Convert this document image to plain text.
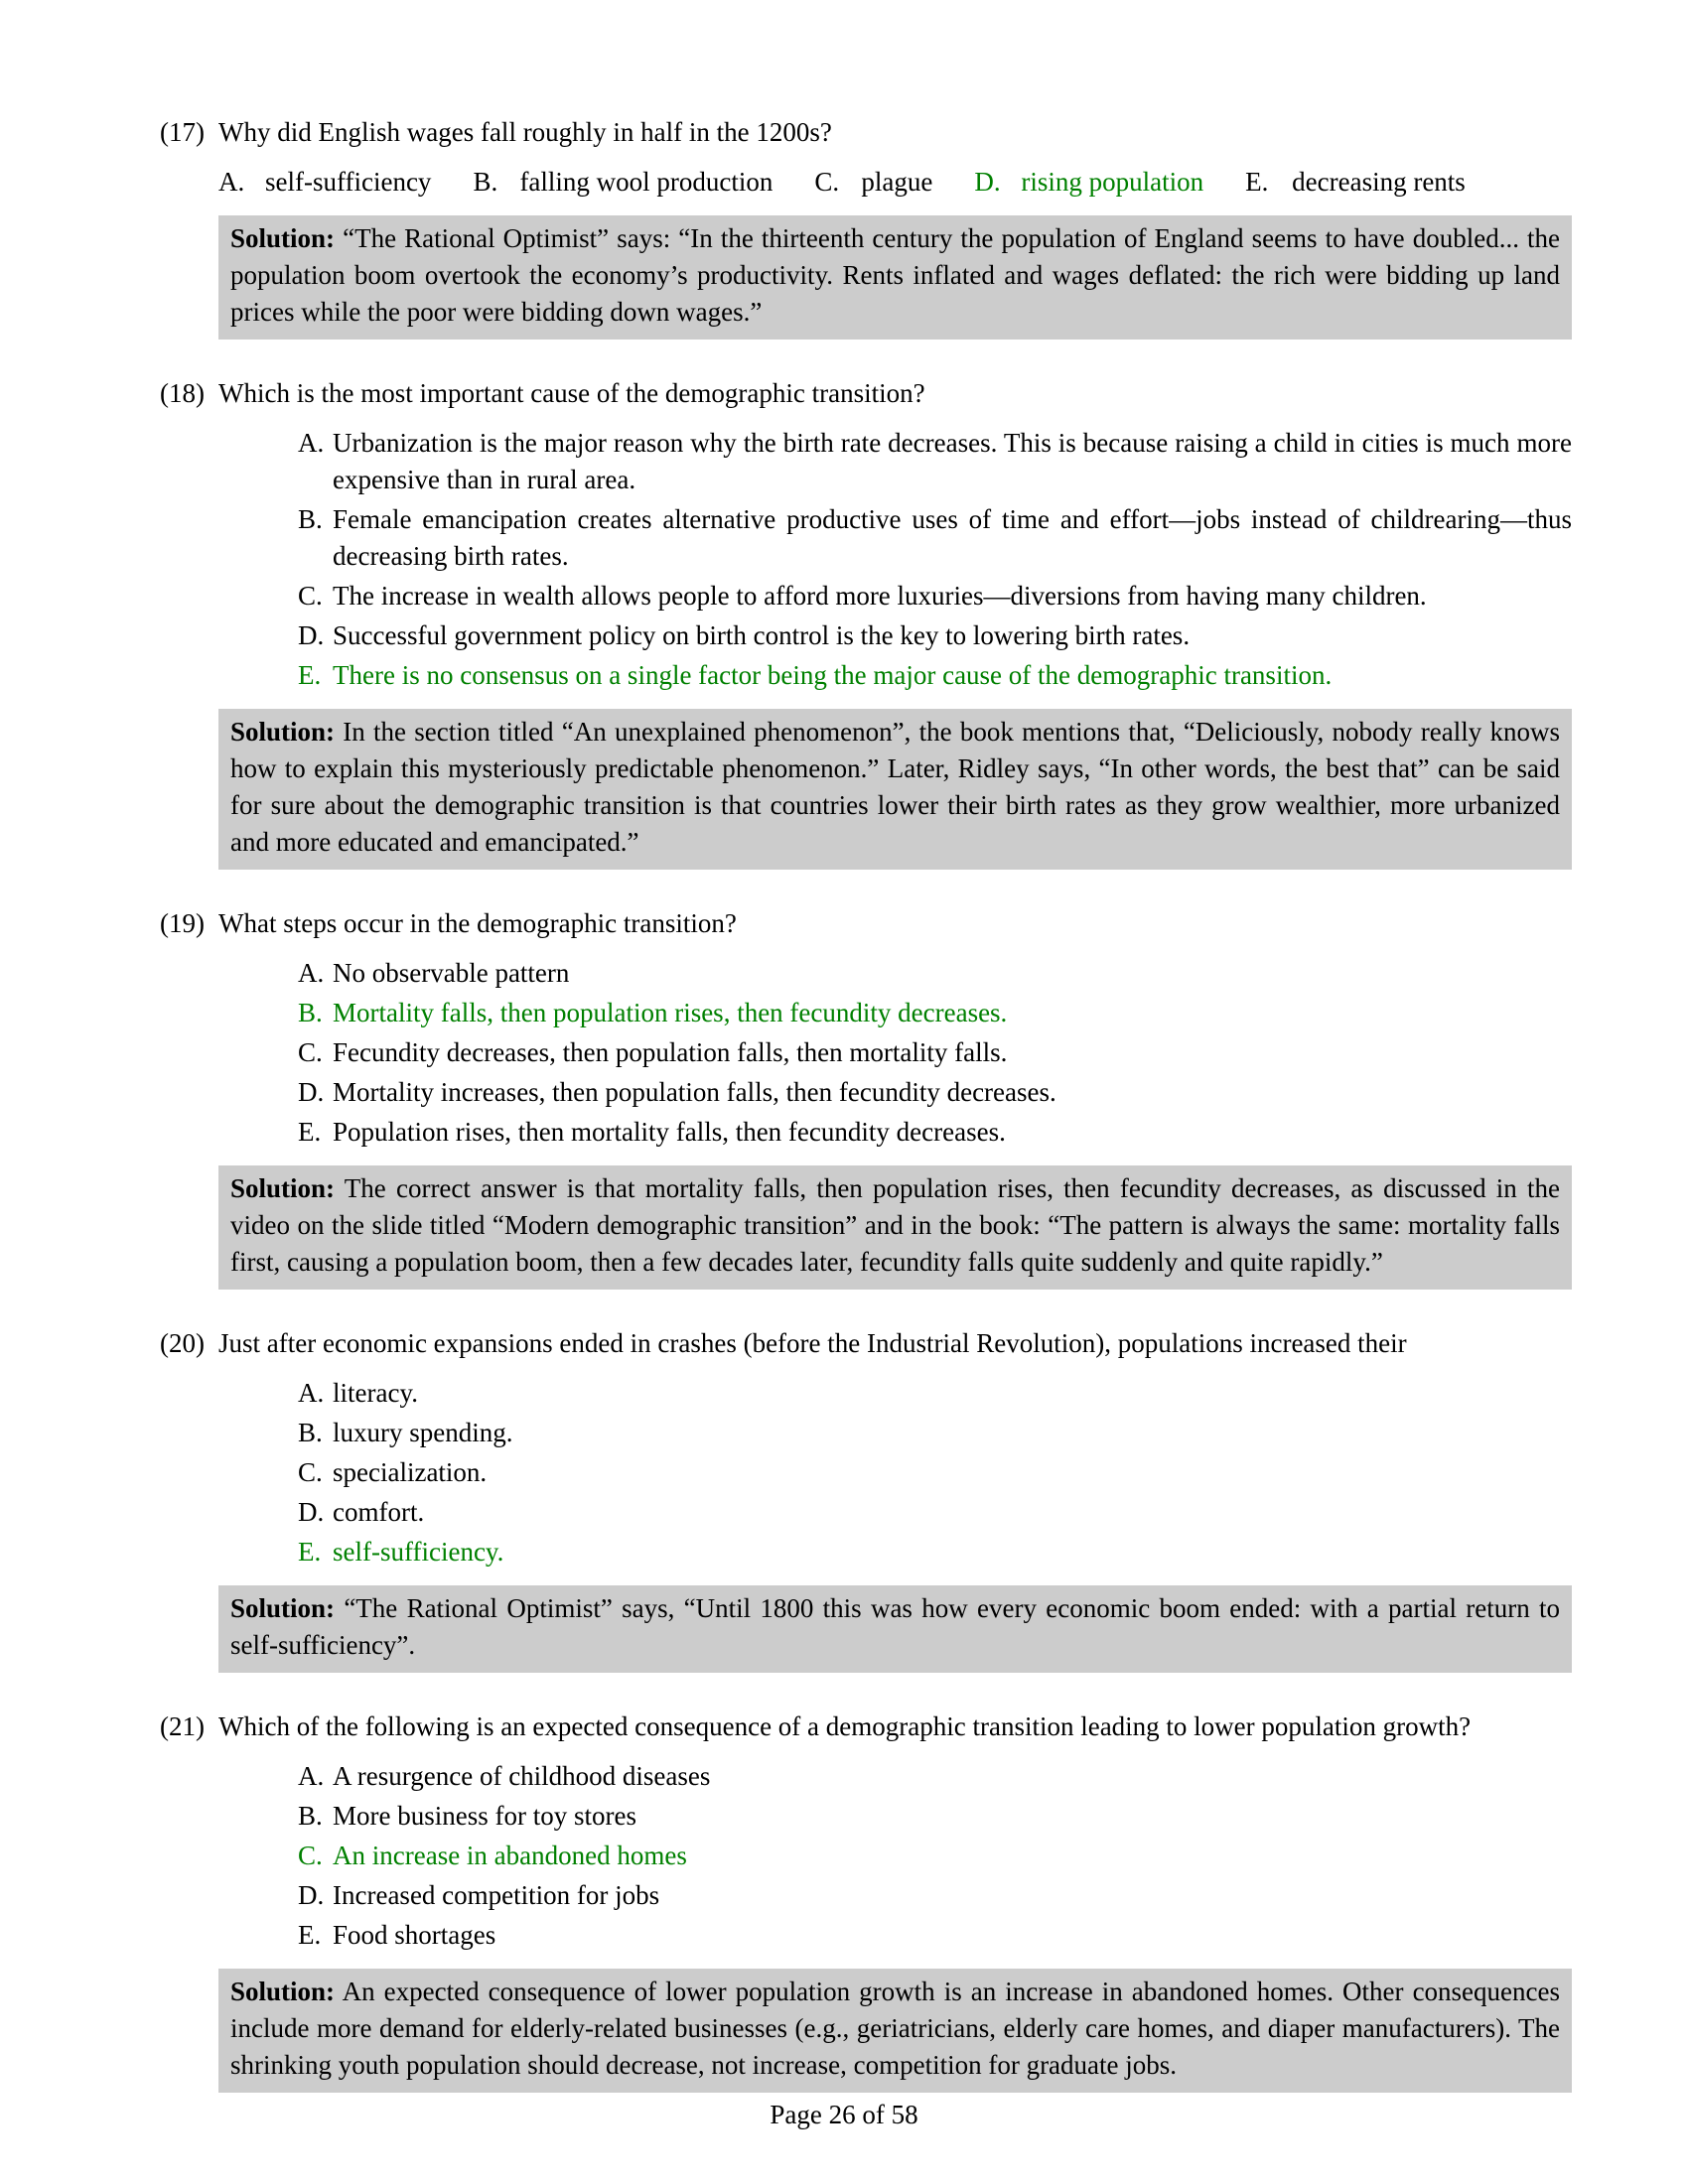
(17) Why did English wages fall roughly in half in the 1200s?
A. self-sufficiency B. falling wool production C. plague D. rising population E. decreasing rents
Solution: “The Rational Optimist” says: “In the thirteenth century the population of England seems to have doubled... the population boom overtook the economy’s productivity. Rents inflated and wages deflated: the rich were bidding up land prices while the poor were bidding down wages.”
(18) Which is the most important cause of the demographic transition?
A. Urbanization is the major reason why the birth rate decreases. This is because raising a child in cities is much more expensive than in rural area.
B. Female emancipation creates alternative productive uses of time and effort—jobs instead of childrearing—thus decreasing birth rates.
C. The increase in wealth allows people to afford more luxuries—diversions from having many children.
D. Successful government policy on birth control is the key to lowering birth rates.
E. There is no consensus on a single factor being the major cause of the demographic transition.
Solution: In the section titled “An unexplained phenomenon”, the book mentions that, “Deliciously, nobody really knows how to explain this mysteriously predictable phenomenon.” Later, Ridley says, “In other words, the best that” can be said for sure about the demographic transition is that countries lower their birth rates as they grow wealthier, more urbanized and more educated and emancipated.”
(19) What steps occur in the demographic transition?
A. No observable pattern
B. Mortality falls, then population rises, then fecundity decreases.
C. Fecundity decreases, then population falls, then mortality falls.
D. Mortality increases, then population falls, then fecundity decreases.
E. Population rises, then mortality falls, then fecundity decreases.
Solution: The correct answer is that mortality falls, then population rises, then fecundity decreases, as discussed in the video on the slide titled “Modern demographic transition” and in the book: “The pattern is always the same: mortality falls first, causing a population boom, then a few decades later, fecundity falls quite suddenly and quite rapidly.”
(20) Just after economic expansions ended in crashes (before the Industrial Revolution), populations increased their
A. literacy.
B. luxury spending.
C. specialization.
D. comfort.
E. self-sufficiency.
Solution: “The Rational Optimist” says, “Until 1800 this was how every economic boom ended: with a partial return to self-sufficiency”.
(21) Which of the following is an expected consequence of a demographic transition leading to lower population growth?
A. A resurgence of childhood diseases
B. More business for toy stores
C. An increase in abandoned homes
D. Increased competition for jobs
E. Food shortages
Solution: An expected consequence of lower population growth is an increase in abandoned homes. Other consequences include more demand for elderly-related businesses (e.g., geriatricians, elderly care homes, and diaper manufacturers). The shrinking youth population should decrease, not increase, competition for graduate jobs.
Page 26 of 58
